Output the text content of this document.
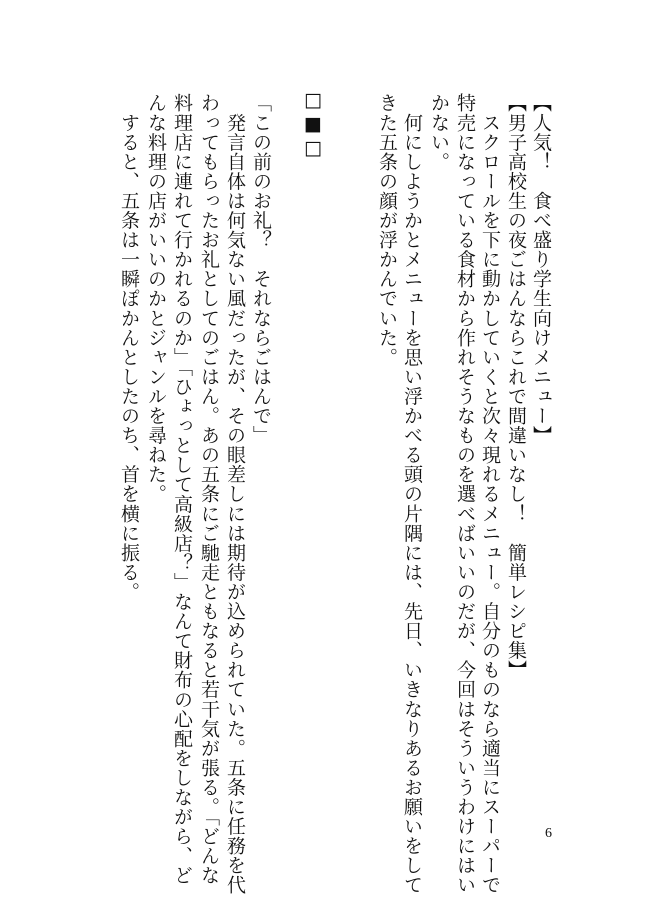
【人気！　食べ盛り学生向けメニュー】
【男子高校生の夜ごはんならこれで間違いなし！　簡単レシピ集】
　スクロールを下に動かしていくと次々現れるメニュー。自分のものなら適当にスーパーで
特売になっている食材から作れそうなものを選べばいいのだが、今回はそういうわけにはい
かない。
　何にしようかとメニューを思い浮かべる頭の片隅には、先日、いきなりあるお願いをして
きた五条の顔が浮かんでいた。
□■□
「この前のお礼？　それならごはんで」
　発言自体は何気ない風だったが、その眼差しには期待が込められていた。五条に任務を代
わってもらったお礼としてのごはん。あの五条にご馳走ともなると若干気が張る。「どんな
料理店に連れて行かれるのか」「ひょっとして高級店？」なんて財布の心配をしながら、ど
んな料理の店がいいのかとジャンルを尋ねた。
　すると、五条は一瞬ぽかんとしたのち、首を横に振る。
6
